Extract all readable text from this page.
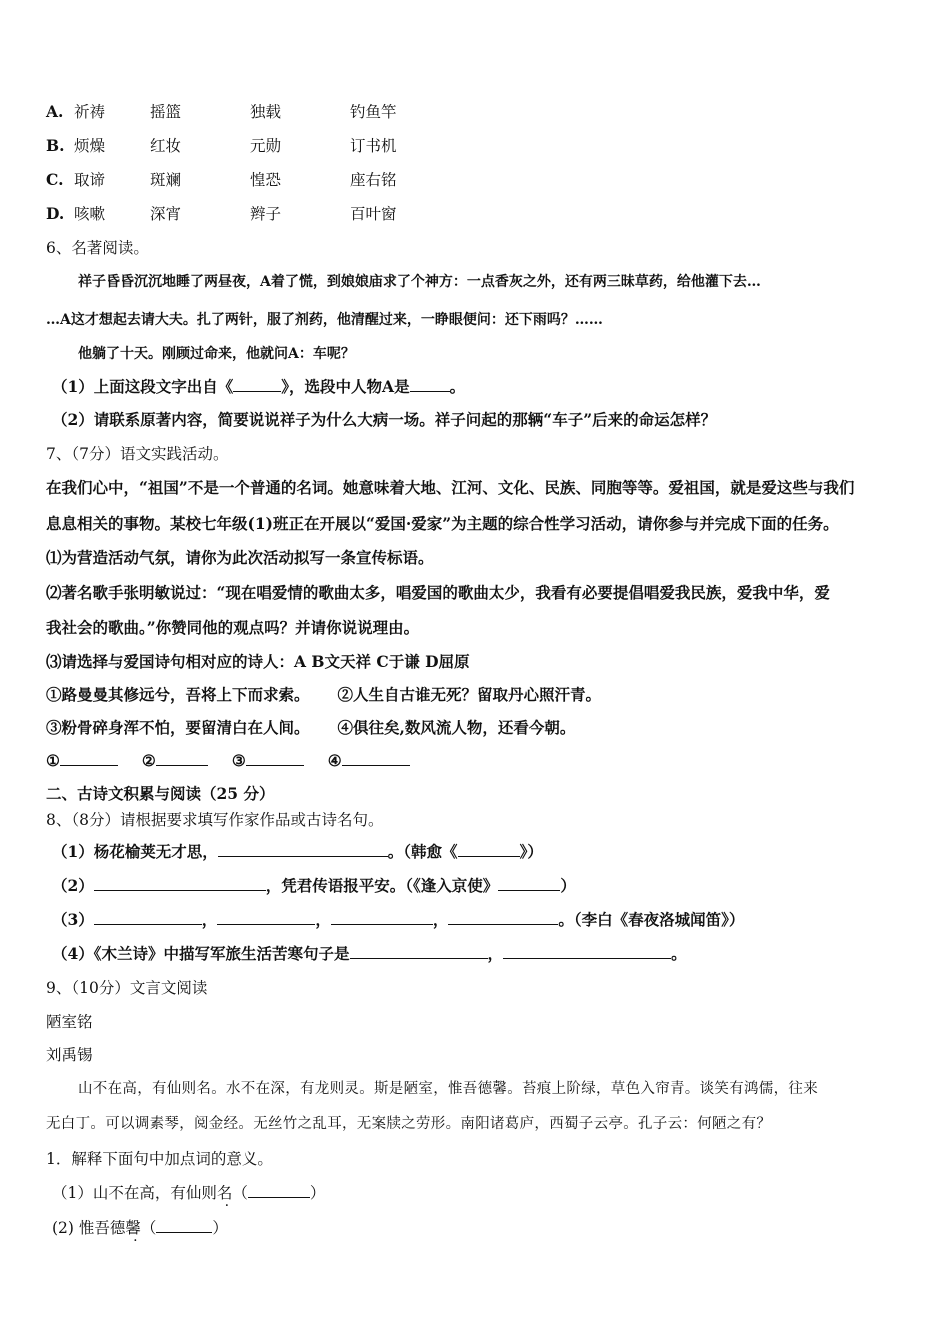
A. 祈祷	摇篮	独载	钓鱼竿
B. 烦燥	红妆	元勋	订书机
C. 取谛	斑斓	惶恐	座右铭
D. 咳嗽	深宵	辫子	百叶窗
6、名著阅读。
祥子昏昏沉沉地睡了两昼夜，A着了慌，到娘娘庙求了个神方：一点香灰之外，还有两三昧草药，给他灌下去…
…A这才想起去请大夫。扎了两针，服了剂药，他清醒过来，一睁眼便问：还下雨吗？……
他躺了十天。刚顾过命来，他就问A：车呢？
（1）上面这段文字出自《	》，选段中人物A是	。
（2）请联系原著内容，简要说说祥子为什么大病一场。祥子问起的那辆“车子”后来的命运怎样？
7、（7分）语文实践活动。
在我们心中，“祖国”不是一个普通的名词。她意味着大地、江河、文化、民族、同胞等等。爱祖国，就是爱这些与我们
息息相关的事物。某校七年级(1)班正在开展以“爱国·爱家”为主题的综合性学习活动，请你参与并完成下面的任务。
⑴为营造活动气氛，请你为此次活动拟写一条宣传标语。
⑵著名歌手张明敏说过：“现在唱爱情的歌曲太多，唱爱国的歌曲太少，我看有必要提倡唱爱我民族，爱我中华，爱
我社会的歌曲。”你赞同他的观点吗？并请你说说理由。
⑶请选择与爱国诗句相对应的诗人：A B文天祥 C于谦 D屈原
①路曼曼其修远兮，吾将上下而求索。 ②人生自古谁无死？留取丹心照汗青。
③粉骨碎身浑不怕，要留清白在人间。 ④俱往矣,数风流人物，还看今朝。
①	②	③	④
二、古诗文积累与阅读（25 分）
8、（8分）请根据要求填写作家作品或古诗名句。
（1）杨花榆荚无才思，	。（韩愈《	》）
（2）	，凭君传语报平安。（《逢入京使》	）
（3）	，	，	，	。（李白《春夜洛城闻笛》）
（4）《木兰诗》中描写军旅生活苦寒句子是	，	。
9、（10分）文言文阅读
陋室铭
刘禹锡
山不在高，有仙则名。水不在深，有龙则灵。斯是陋室，惟吾德馨。苔痕上阶绿，草色入帘青。谈笑有鸿儒，往来
无白丁。可以调素琴，阅金经。无丝竹之乱耳，无案牍之劳形。南阳诸葛庐，西蜀子云亭。孔子云：何陋之有？
1．解释下面句中加点词的意义。
（1）山不在高，有仙则名（	）
(2) 惟吾德馨（	）
